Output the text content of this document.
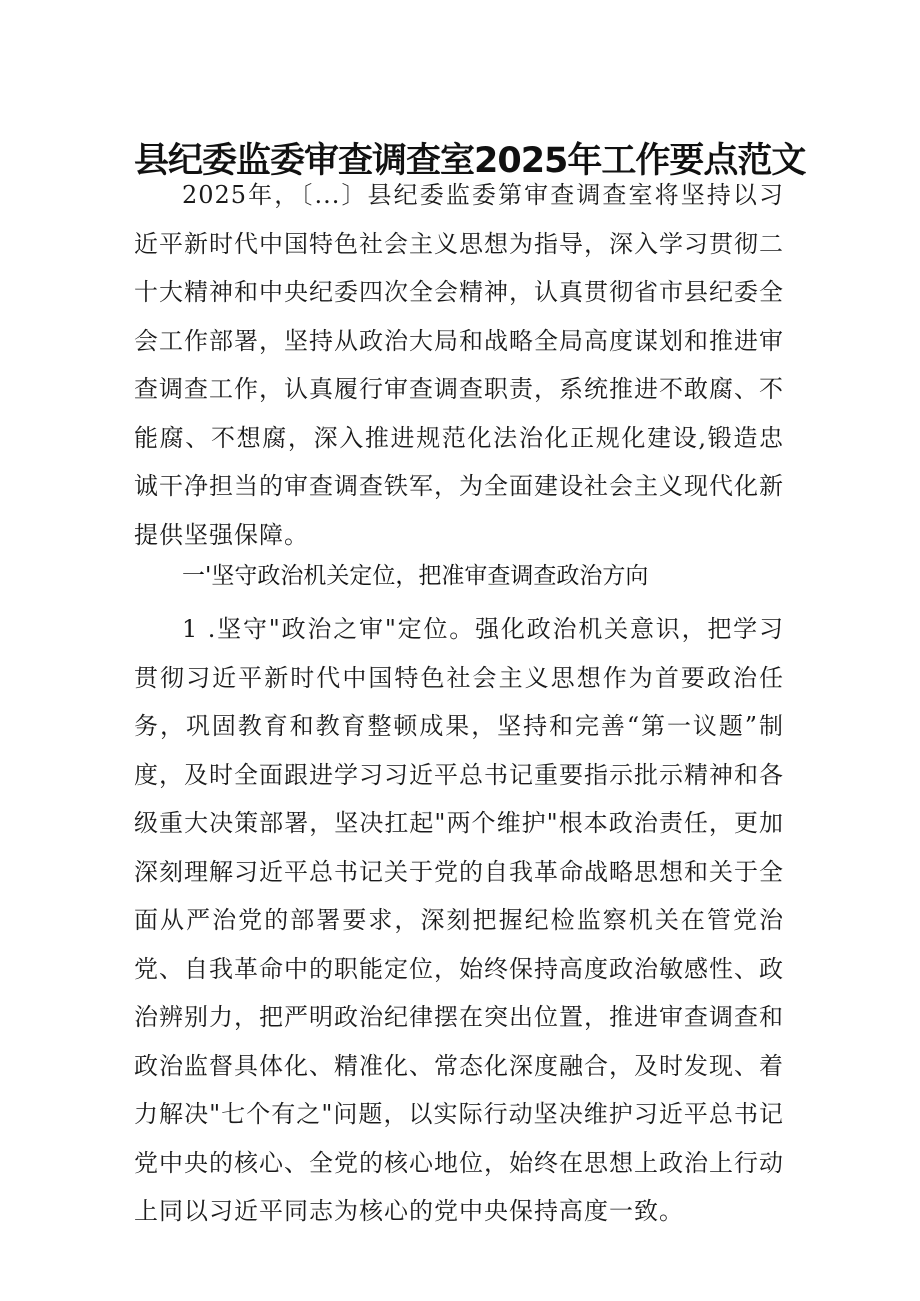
县纪委监委审查调查室2025年工作要点范文

2025年，〔...〕县纪委监委第审查调查室将坚持以习近平新时代中国特色社会主义思想为指导，深入学习贯彻二十大精神和中央纪委四次全会精神，认真贯彻省市县纪委全会工作部署，坚持从政治大局和战略全局高度谋划和推进审查调查工作，认真履行审查调查职责，系统推进不敢腐、不能腐、不想腐，深入推进规范化法治化正规化建设,锻造忠诚干净担当的审查调查铁军，为全面建设社会主义现代化新提供坚强保障。

一'坚守政治机关定位，把准审查调查政治方向

1 .坚守"政治之审"定位。强化政治机关意识，把学习贯彻习近平新时代中国特色社会主义思想作为首要政治任务，巩固教育和教育整顿成果，坚持和完善“第一议题”制度，及时全面跟进学习习近平总书记重要指示批示精神和各级重大决策部署，坚决扛起"两个维护"根本政治责任，更加深刻理解习近平总书记关于党的自我革命战略思想和关于全面从严治党的部署要求，深刻把握纪检监察机关在管党治党、自我革命中的职能定位，始终保持高度政治敏感性、政治辨别力，把严明政治纪律摆在突出位置，推进审查调查和政治监督具体化、精准化、常态化深度融合，及时发现、着力解决"七个有之"问题，以实际行动坚决维护习近平总书记党中央的核心、全党的核心地位，始终在思想上政治上行动上同以习近平同志为核心的党中央保持高度一致。
